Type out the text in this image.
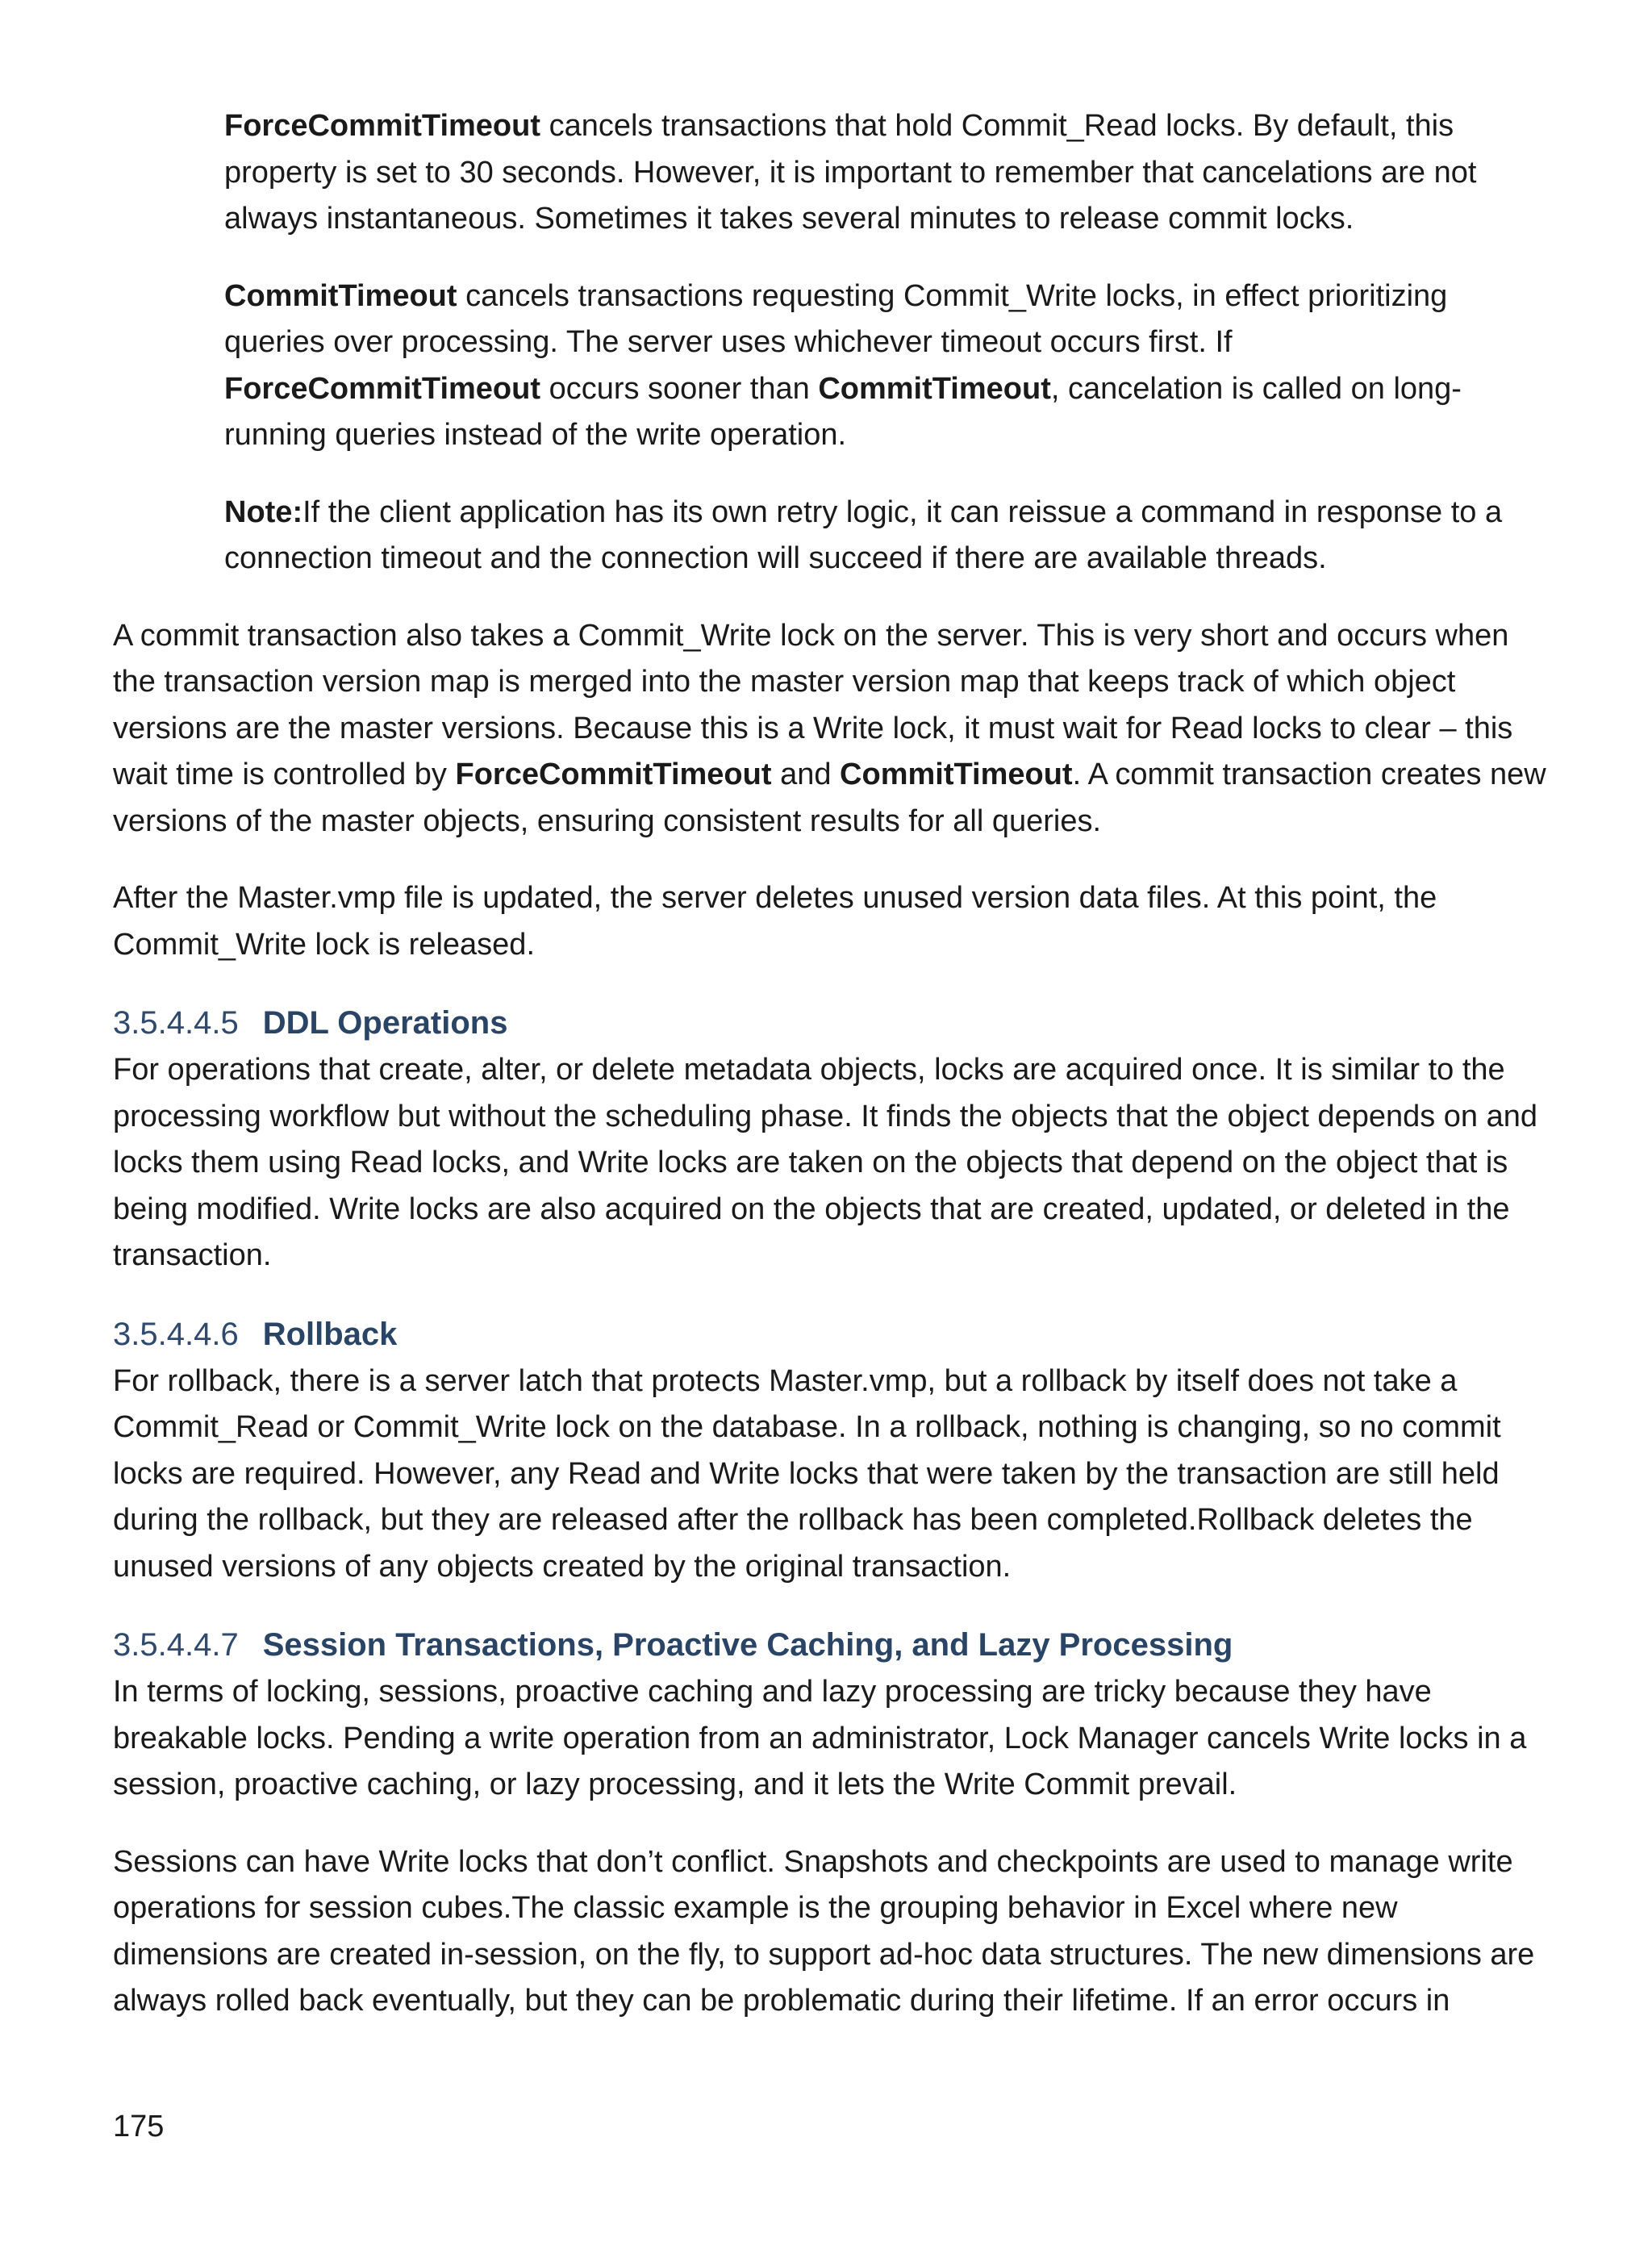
ForceCommitTimeout cancels transactions that hold Commit_Read locks. By default, this property is set to 30 seconds. However, it is important to remember that cancelations are not always instantaneous. Sometimes it takes several minutes to release commit locks.

CommitTimeout cancels transactions requesting Commit_Write locks, in effect prioritizing queries over processing. The server uses whichever timeout occurs first. If ForceCommitTimeout occurs sooner than CommitTimeout, cancelation is called on long-running queries instead of the write operation.

Note:If the client application has its own retry logic, it can reissue a command in response to a connection timeout and the connection will succeed if there are available threads.

A commit transaction also takes a Commit_Write lock on the server. This is very short and occurs when the transaction version map is merged into the master version map that keeps track of which object versions are the master versions. Because this is a Write lock, it must wait for Read locks to clear – this wait time is controlled by ForceCommitTimeout and CommitTimeout. A commit transaction creates new versions of the master objects, ensuring consistent results for all queries.

After the Master.vmp file is updated, the server deletes unused version data files. At this point, the Commit_Write lock is released.

3.5.4.4.5 DDL Operations

For operations that create, alter, or delete metadata objects, locks are acquired once. It is similar to the processing workflow but without the scheduling phase. It finds the objects that the object depends on and locks them using Read locks, and Write locks are taken on the objects that depend on the object that is being modified. Write locks are also acquired on the objects that are created, updated, or deleted in the transaction.

3.5.4.4.6 Rollback

For rollback, there is a server latch that protects Master.vmp, but a rollback by itself does not take a Commit_Read or Commit_Write lock on the database. In a rollback, nothing is changing, so no commit locks are required. However, any Read and Write locks that were taken by the transaction are still held during the rollback, but they are released after the rollback has been completed.Rollback deletes the unused versions of any objects created by the original transaction.

3.5.4.4.7 Session Transactions, Proactive Caching, and Lazy Processing

In terms of locking, sessions, proactive caching and lazy processing are tricky because they have breakable locks. Pending a write operation from an administrator, Lock Manager cancels Write locks in a session, proactive caching, or lazy processing, and it lets the Write Commit prevail.

Sessions can have Write locks that don’t conflict. Snapshots and checkpoints are used to manage write operations for session cubes.The classic example is the grouping behavior in Excel where new dimensions are created in-session, on the fly, to support ad-hoc data structures. The new dimensions are always rolled back eventually, but they can be problematic during their lifetime. If an error occurs in

175
